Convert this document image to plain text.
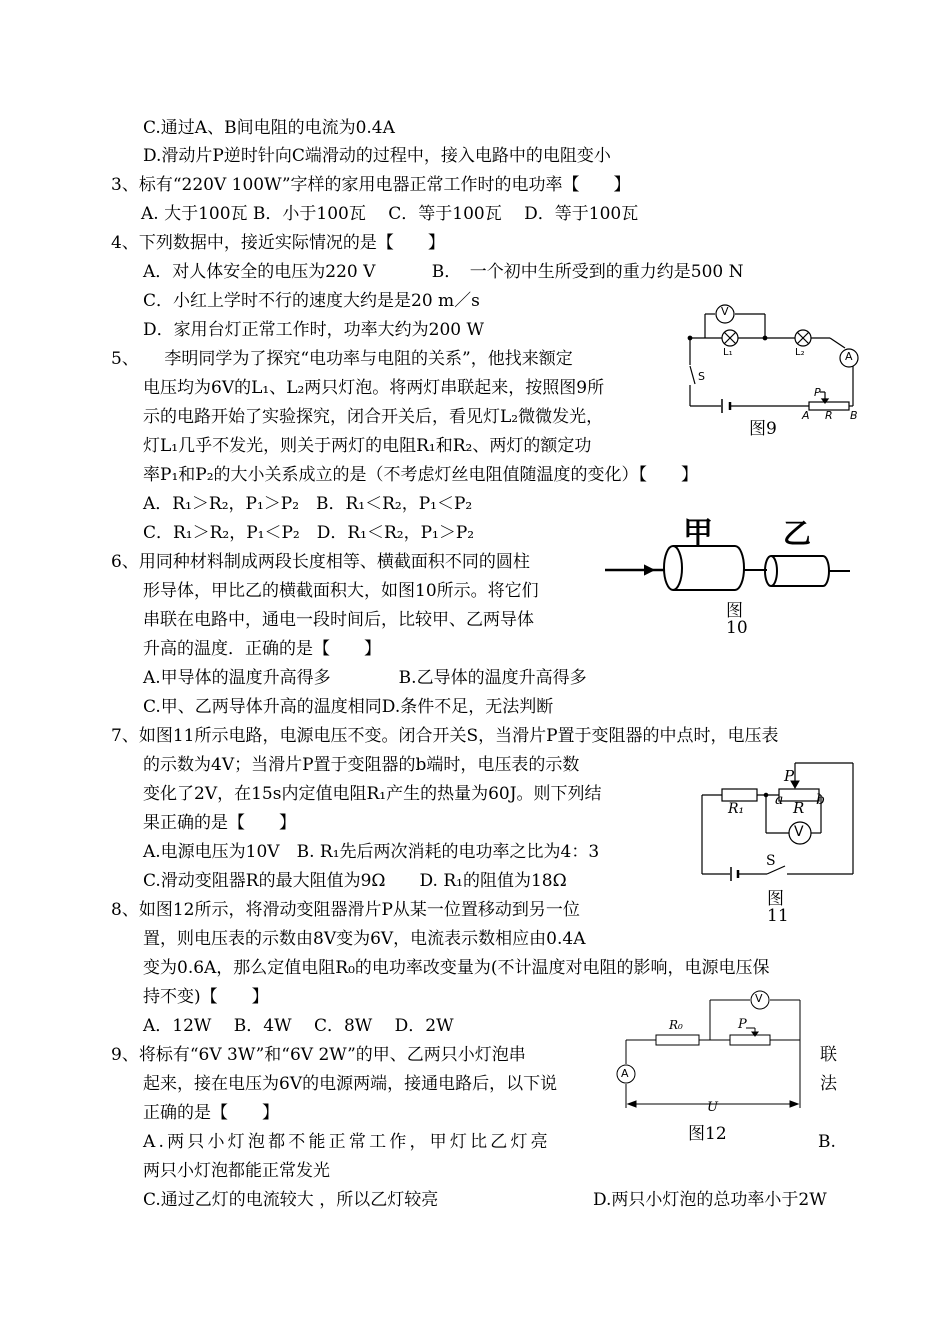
C.通过A、B间电阻的电流为0.4A
D.滑动片P逆时针向C端滑动的过程中，接入电路中的电阻变小
3、标有“220V 100W”字样的家用电器正常工作时的电功率【　　】
A. 大于100瓦 B．小于100瓦　 C．等于100瓦　 D．等于100瓦
4、下列数据中，接近实际情况的是【　　】
A．对人体安全的电压为220 V　　　 B．　一个初中生所受到的重力约是500 N
C．小红上学时不行的速度大约是是20 m／s
D．家用台灯正常工作时，功率大约为200 W
5、　　李明同学为了探究“电功率与电阻的关系”，他找来额定
电压均为6V的L₁、L₂两只灯泡。将两灯串联起来，按照图9所
示的电路开始了实验探究，闭合开关后，看见灯L₂微微发光，
灯L₁几乎不发光，则关于两灯的电阻R₁和R₂、两灯的额定功
率P₁和P₂的大小关系成立的是（不考虑灯丝电阻值随温度的变化）【　　】
A．R₁＞R₂，P₁＞P₂　B．R₁＜R₂，P₁＜P₂
C．R₁＞R₂，P₁＜P₂　D．R₁＜R₂，P₁＞P₂
6、用同种材料制成两段长度相等、横截面积不同的圆柱
形导体，甲比乙的横截面积大，如图10所示。将它们
串联在电路中，通电一段时间后，比较甲、乙两导体
升高的温度．正确的是【　　】
A.甲导体的温度升高得多　　　　B.乙导体的温度升高得多
C.甲、乙两导体升高的温度相同D.条件不足，无法判断
7、如图11所示电路，电源电压不变。闭合开关S，当滑片P置于变阻器的中点时，电压表
的示数为4V；当滑片P置于变阻器的b端时，电压表的示数
变化了2V，在15s内定值电阻R₁产生的热量为60J。则下列结
果正确的是【　　】
A.电源电压为10V　B. R₁先后两次消耗的电功率之比为4：3
C.滑动变阻器R的最大阻值为9Ω　　D. R₁的阻值为18Ω
8、如图12所示，将滑动变阻器滑片P从某一位置移动到另一位
置，则电压表的示数由8V变为6V，电流表示数相应由0.4A
变为0.6A，那么定值电阻R₀的电功率改变量为(不计温度对电阻的影响，电源电压保
持不变)【　　】
A．12W　 B．4W　 C．8W　 D．2W
9、将标有“6V 3W”和“6V 2W”的甲、乙两只小灯泡串
起来，接在电压为6V的电源两端，接通电路后，以下说
正确的是【　　】
A.两只小灯泡都不能正常工作，甲灯比乙灯亮
两只小灯泡都能正常发光
C.通过乙灯的电流较大 ，所以乙灯较亮	D.两只小灯泡的总功率小于2W
联
法
B.
V
A
L₁	L₂
S
P
A R B
图9
甲	乙
图
10
R₁
P
a R b
V
S
图
11
V
A
R₀	P
U
图12
